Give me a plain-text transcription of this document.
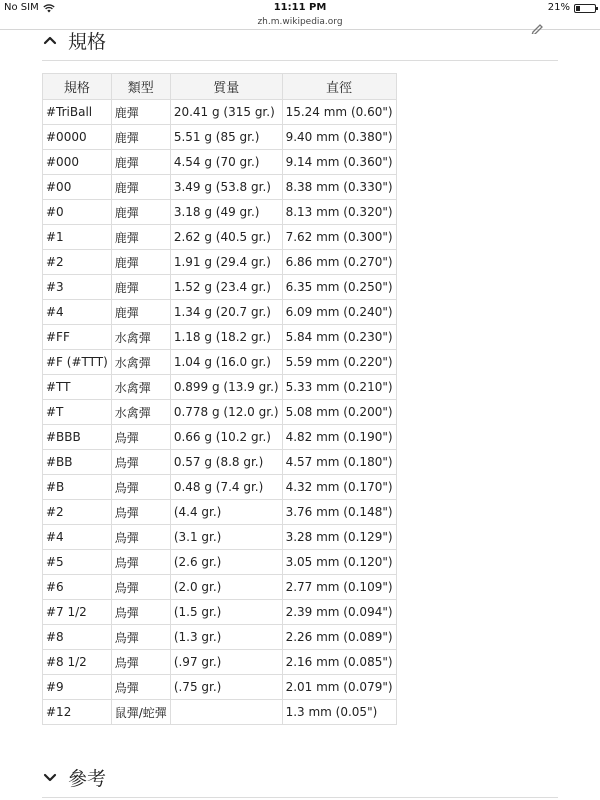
No SIM	11:11 PM	21%
zh.m.wikipedia.org
規格
規格	類型	質量	直徑
#TriBall	鹿彈	20.41 g (315 gr.)	15.24 mm (0.60")
#0000	鹿彈	5.51 g (85 gr.)	9.40 mm (0.380")
#000	鹿彈	4.54 g (70 gr.)	9.14 mm (0.360")
#00	鹿彈	3.49 g (53.8 gr.)	8.38 mm (0.330")
#0	鹿彈	3.18 g (49 gr.)	8.13 mm (0.320")
#1	鹿彈	2.62 g (40.5 gr.)	7.62 mm (0.300")
#2	鹿彈	1.91 g (29.4 gr.)	6.86 mm (0.270")
#3	鹿彈	1.52 g (23.4 gr.)	6.35 mm (0.250")
#4	鹿彈	1.34 g (20.7 gr.)	6.09 mm (0.240")
#FF	水禽彈	1.18 g (18.2 gr.)	5.84 mm (0.230")
#F (#TTT)	水禽彈	1.04 g (16.0 gr.)	5.59 mm (0.220")
#TT	水禽彈	0.899 g (13.9 gr.)	5.33 mm (0.210")
#T	水禽彈	0.778 g (12.0 gr.)	5.08 mm (0.200")
#BBB	鳥彈	0.66 g (10.2 gr.)	4.82 mm (0.190")
#BB	鳥彈	0.57 g (8.8 gr.)	4.57 mm (0.180")
#B	鳥彈	0.48 g (7.4 gr.)	4.32 mm (0.170")
#2	鳥彈	(4.4 gr.)	3.76 mm (0.148")
#4	鳥彈	(3.1 gr.)	3.28 mm (0.129")
#5	鳥彈	(2.6 gr.)	3.05 mm (0.120")
#6	鳥彈	(2.0 gr.)	2.77 mm (0.109")
#7 1/2	鳥彈	(1.5 gr.)	2.39 mm (0.094")
#8	鳥彈	(1.3 gr.)	2.26 mm (0.089")
#8 1/2	鳥彈	(.97 gr.)	2.16 mm (0.085")
#9	鳥彈	(.75 gr.)	2.01 mm (0.079")
#12	鼠彈/蛇彈		1.3 mm (0.05")
參考
